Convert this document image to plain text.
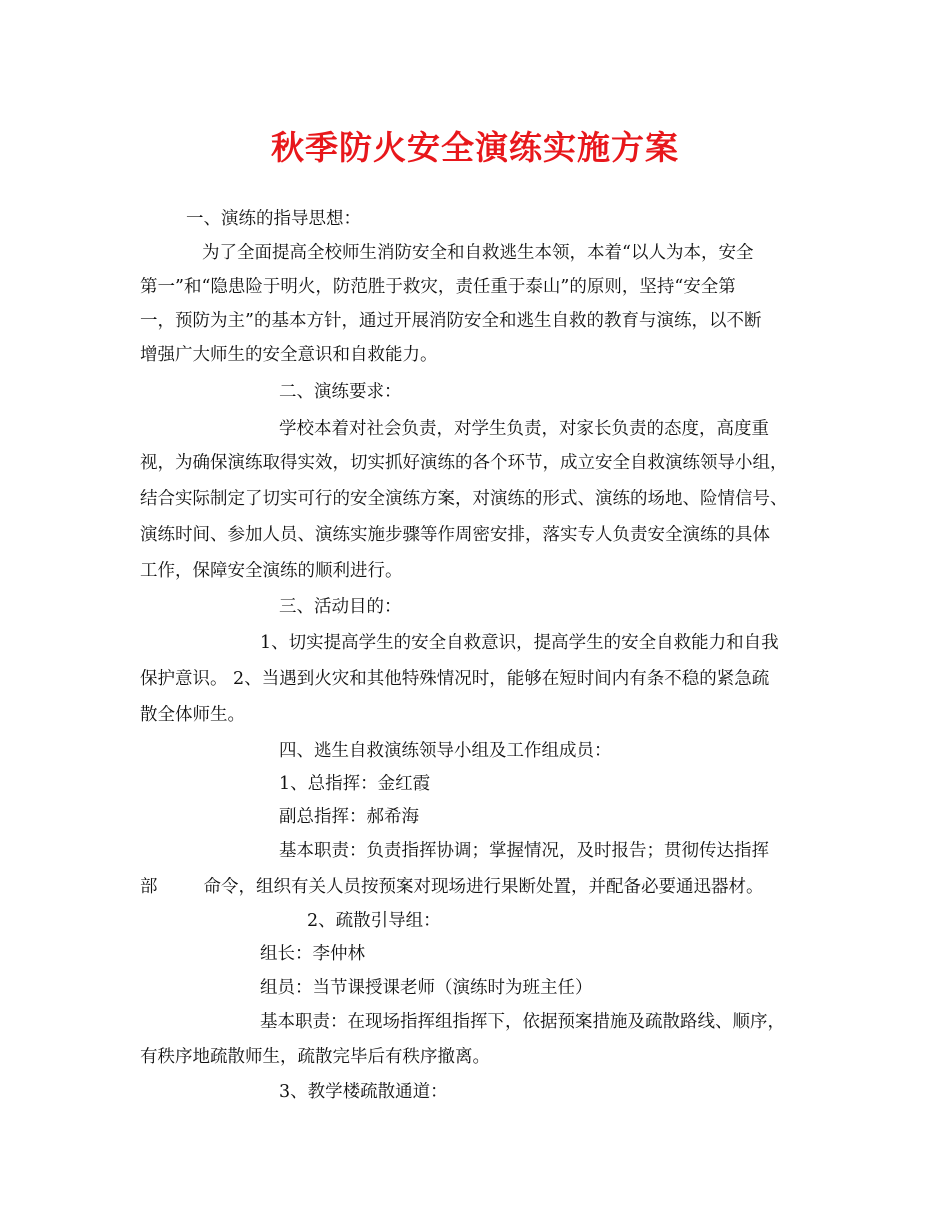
秋季防火安全演练实施方案
一、演练的指导思想：
为了全面提高全校师生消防安全和自救逃生本领，本着“以人为本，安全
第一”和“隐患险于明火，防范胜于救灾，责任重于泰山”的原则，坚持“安全第
一，预防为主”的基本方针，通过开展消防安全和逃生自救的教育与演练，以不断
增强广大师生的安全意识和自救能力。
二、演练要求：
学校本着对社会负责，对学生负责，对家长负责的态度，高度重
视，为确保演练取得实效，切实抓好演练的各个环节，成立安全自救演练领导小组，
结合实际制定了切实可行的安全演练方案，对演练的形式、演练的场地、险情信号、
演练时间、参加人员、演练实施步骤等作周密安排，落实专人负责安全演练的具体
工作，保障安全演练的顺利进行。
三、活动目的：
1、切实提高学生的安全自救意识，提高学生的安全自救能力和自我
保护意识。 2、当遇到火灾和其他特殊情况时，能够在短时间内有条不稳的紧急疏
散全体师生。
四、逃生自救演练领导小组及工作组成员：
1、总指挥：金红霞
副总指挥：郝希海
基本职责：负责指挥协调；掌握情况，及时报告；贯彻传达指挥
部	命令，组织有关人员按预案对现场进行果断处置，并配备必要通迅器材。
2、疏散引导组：
组长：李仲林
组员：当节课授课老师（演练时为班主任）
基本职责：在现场指挥组指挥下，依据预案措施及疏散路线、顺序，
有秩序地疏散师生，疏散完毕后有秩序撤离。
3、教学楼疏散通道：
